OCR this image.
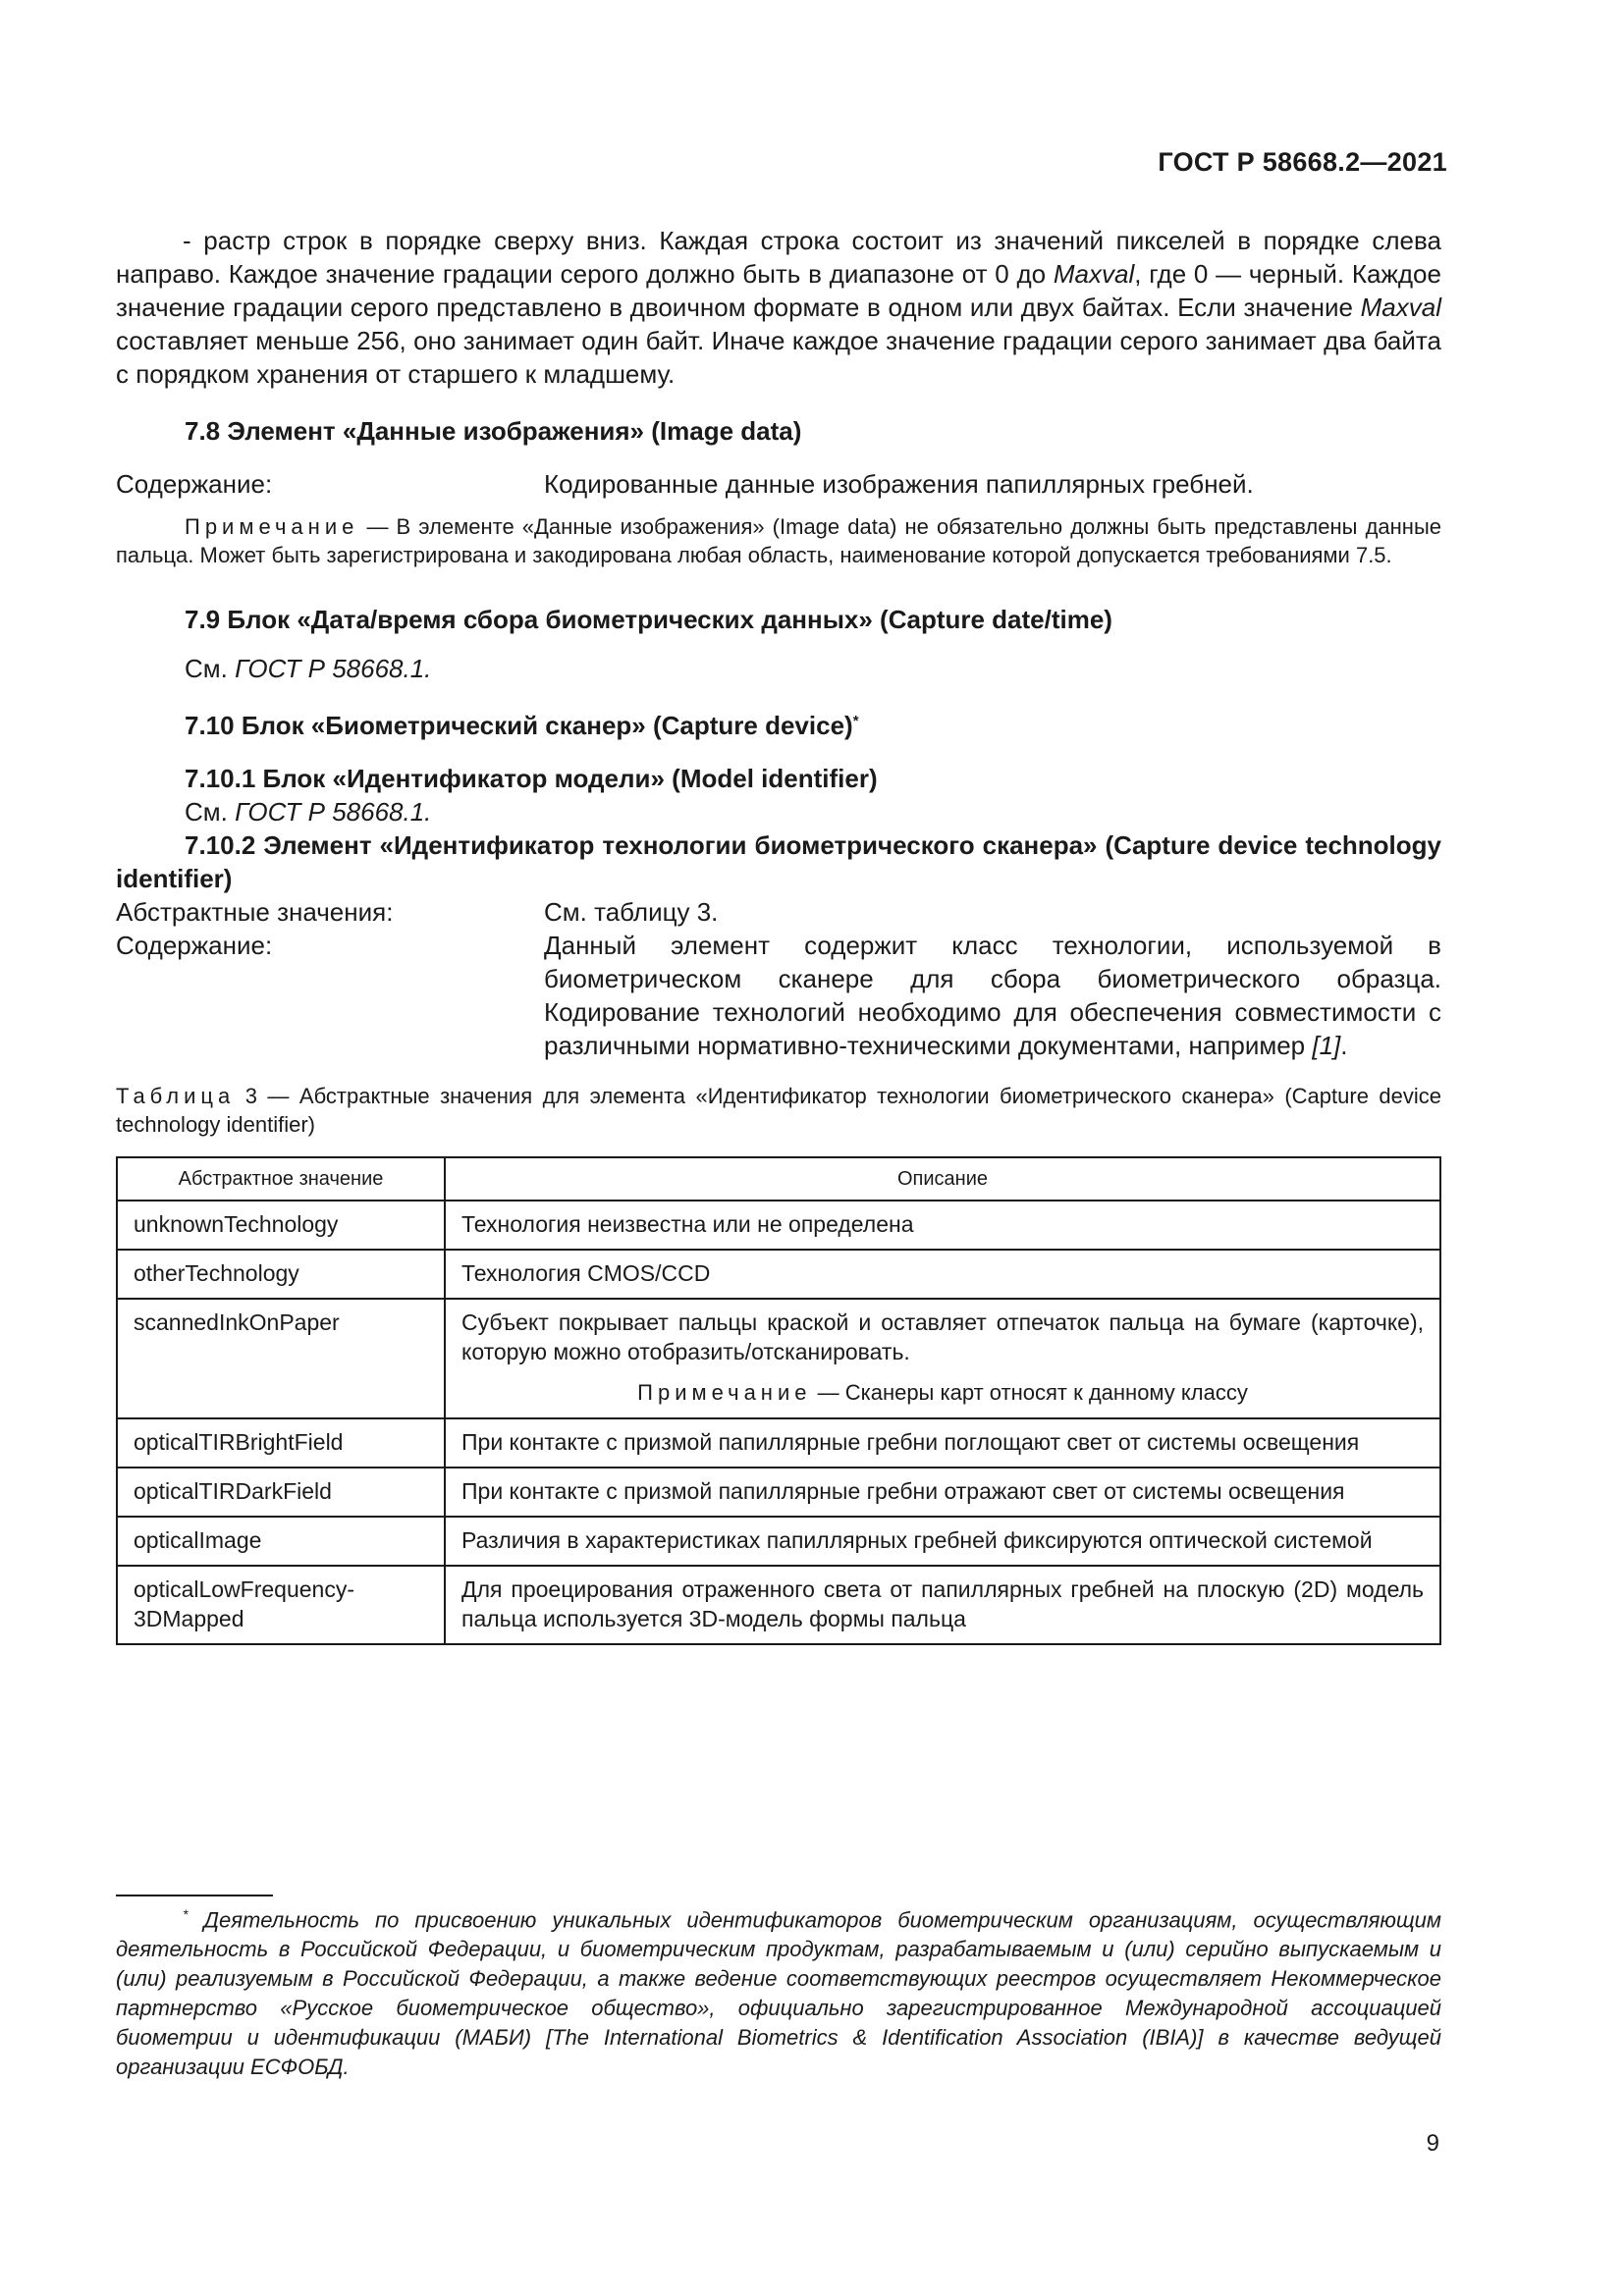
ГОСТ Р 58668.2—2021

- растр строк в порядке сверху вниз. Каждая строка состоит из значений пикселей в порядке слева направо. Каждое значение градации серого должно быть в диапазоне от 0 до Maxval, где 0 — черный. Каждое значение градации серого представлено в двоичном формате в одном или двух байтах. Если значение Maxval составляет меньше 256, оно занимает один байт. Иначе каждое значение градации серого занимает два байта с порядком хранения от старшего к младшему.

7.8 Элемент «Данные изображения» (Image data)

Содержание:	Кодированные данные изображения папиллярных гребней.

Примечание — В элементе «Данные изображения» (Image data) не обязательно должны быть представлены данные пальца. Может быть зарегистрирована и закодирована любая область, наименование которой допускается требованиями 7.5.

7.9 Блок «Дата/время сбора биометрических данных» (Capture date/time)

См. ГОСТ Р 58668.1.

7.10 Блок «Биометрический сканер» (Capture device)*

7.10.1 Блок «Идентификатор модели» (Model identifier)

См. ГОСТ Р 58668.1.

7.10.2 Элемент «Идентификатор технологии биометрического сканера» (Capture device technology identifier)

Абстрактные значения:	См. таблицу 3.
Содержание:	Данный элемент содержит класс технологии, используемой в биометрическом сканере для сбора биометрического образца. Кодирование технологий необходимо для обеспечения совместимости с различными нормативно-техническими документами, например [1].

Таблица 3 — Абстрактные значения для элемента «Идентификатор технологии биометрического сканера» (Capture device technology identifier)

Абстрактное значение	Описание
unknownTechnology	Технология неизвестна или не определена
otherTechnology	Технология CMOS/CCD
scannedInkOnPaper	Субъект покрывает пальцы краской и оставляет отпечаток пальца на бумаге (карточке), которую можно отобразить/отсканировать.
Примечание — Сканеры карт относят к данному классу

opticalTIRBrightField	При контакте с призмой папиллярные гребни поглощают свет от системы освещения
opticalTIRDarkField	При контакте с призмой папиллярные гребни отражают свет от системы освещения
opticalImage	Различия в характеристиках папиллярных гребней фиксируются оптической системой
opticalLowFrequency-3DMapped	Для проецирования отраженного света от папиллярных гребней на плоскую (2D) модель пальца используется 3D-модель формы пальца

* Деятельность по присвоению уникальных идентификаторов биометрическим организациям, осуществляющим деятельность в Российской Федерации, и биометрическим продуктам, разрабатываемым и (или) серийно выпускаемым и (или) реализуемым в Российской Федерации, а также ведение соответствующих реестров осуществляет Некоммерческое партнерство «Русское биометрическое общество», официально зарегистрированное Международной ассоциацией биометрии и идентификации (МАБИ) [The International Biometrics & Identification Association (IBIA)] в качестве ведущей организации ЕСФОБД.

9
